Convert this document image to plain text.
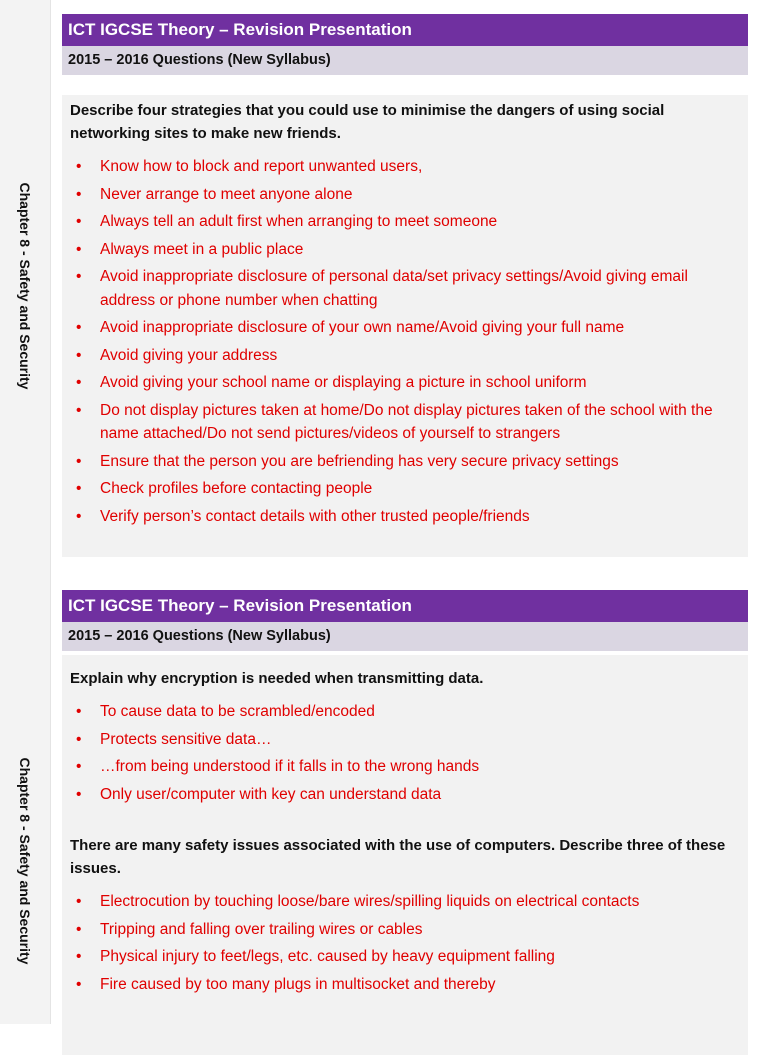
Chapter 8 - Safety and Security
Chapter 8 - Safety and Security
ICT IGCSE Theory – Revision Presentation
2015 – 2016 Questions (New Syllabus)

Describe four strategies that you could use to minimise the dangers of using social networking sites to make new friends.

• Know how to block and report unwanted users,
• Never arrange to meet anyone alone
• Always tell an adult first when arranging to meet someone
• Always meet in a public place
• Avoid inappropriate disclosure of personal data/set privacy settings/Avoid giving email address or phone number when chatting
• Avoid inappropriate disclosure of your own name/Avoid giving your full name
• Avoid giving your address
• Avoid giving your school name or displaying a picture in school uniform
• Do not display pictures taken at home/Do not display pictures taken of the school with the name attached/Do not send pictures/videos of yourself to strangers
• Ensure that the person you are befriending has very secure privacy settings
• Check profiles before contacting people
• Verify person’s contact details with other trusted people/friends
ICT IGCSE Theory – Revision Presentation
2015 – 2016 Questions (New Syllabus)

Explain why encryption is needed when transmitting data.

• To cause data to be scrambled/encoded
• Protects sensitive data…
• …from being understood if it falls in to the wrong hands
• Only user/computer with key can understand data

There are many safety issues associated with the use of computers. Describe three of these issues.

• Electrocution by touching loose/bare wires/spilling liquids on electrical contacts
• Tripping and falling over trailing wires or cables
• Physical injury to feet/legs, etc. caused by heavy equipment falling
• Fire caused by too many plugs in multisocket and thereby
